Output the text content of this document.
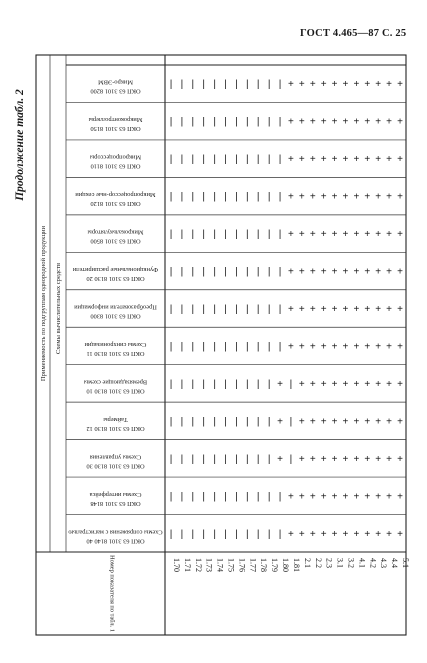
ГОСТ 4.465—87 С. 25
Продолжение табл. 2
Применяемость по подгруппам однородной продукции Схемы вычислительных средств
Номер показателя по табл. 1
Микро-ЭВМ
ОКП 63 3101 8200
Микроконтроллеры
ОКП 63 3101 8150
Микропроцессоры
ОКП 63 3101 8110
Микропроцессор-ные секции
ОКП 63 3101 8120
Микрокалькуляторы
ОКП 63 3101 8500
Функциональные расширители
ОКП 63 3101 8130 20
Преобразователи информации
ОКП 63 3101 8300
Схемы синхронизации
ОКП 63 3101 8130 11
Времязадающие схемы
ОКП 63 3101 8130 10
Таймеры
ОКП 63 3101 8130 12
Схемы управления
ОКП 63 3101 8130 30
Схемы интерфейса
ОКП 63 3101 8148
Схемы сопряжения с магистралью
ОКП 63 3101 8140 40
| | | | | | | | | | | + + + + + + + + + + +
| | | | | | | | | | | + + + + + + + + + + +
| | | | | | | | | | | + + + + + + + + + + +
| | | | | | | | | | | + + + + + + + + + + +
| | | | | | | | | | | + + + + + + + + + + +
| | | | | | | | | | | + + + + + + + + + + +
| | | | | | | | | | | + + + + + + + + + + +
| | | | | | | | | | | + + + + + + + + + + +
| | | | | | | | | | + | + + + + + + + + + +
| | | | | | | | | | + | + + + + + + + + + +
| | | | | | | | | | + | + + + + + + + + + +
| | | | | | | | | | | + + + + + + + + + + +
| | | | | | | | | | | + + + + + + + + + + +
1.70 1.71 1.72 1.73 1.74 1.75 1.76 1.77 1.78 1.79 1.80 1.81 2.1 2.2 2.3 3.1 3.2 4.1 4.2 4.3 4.4 5.1
